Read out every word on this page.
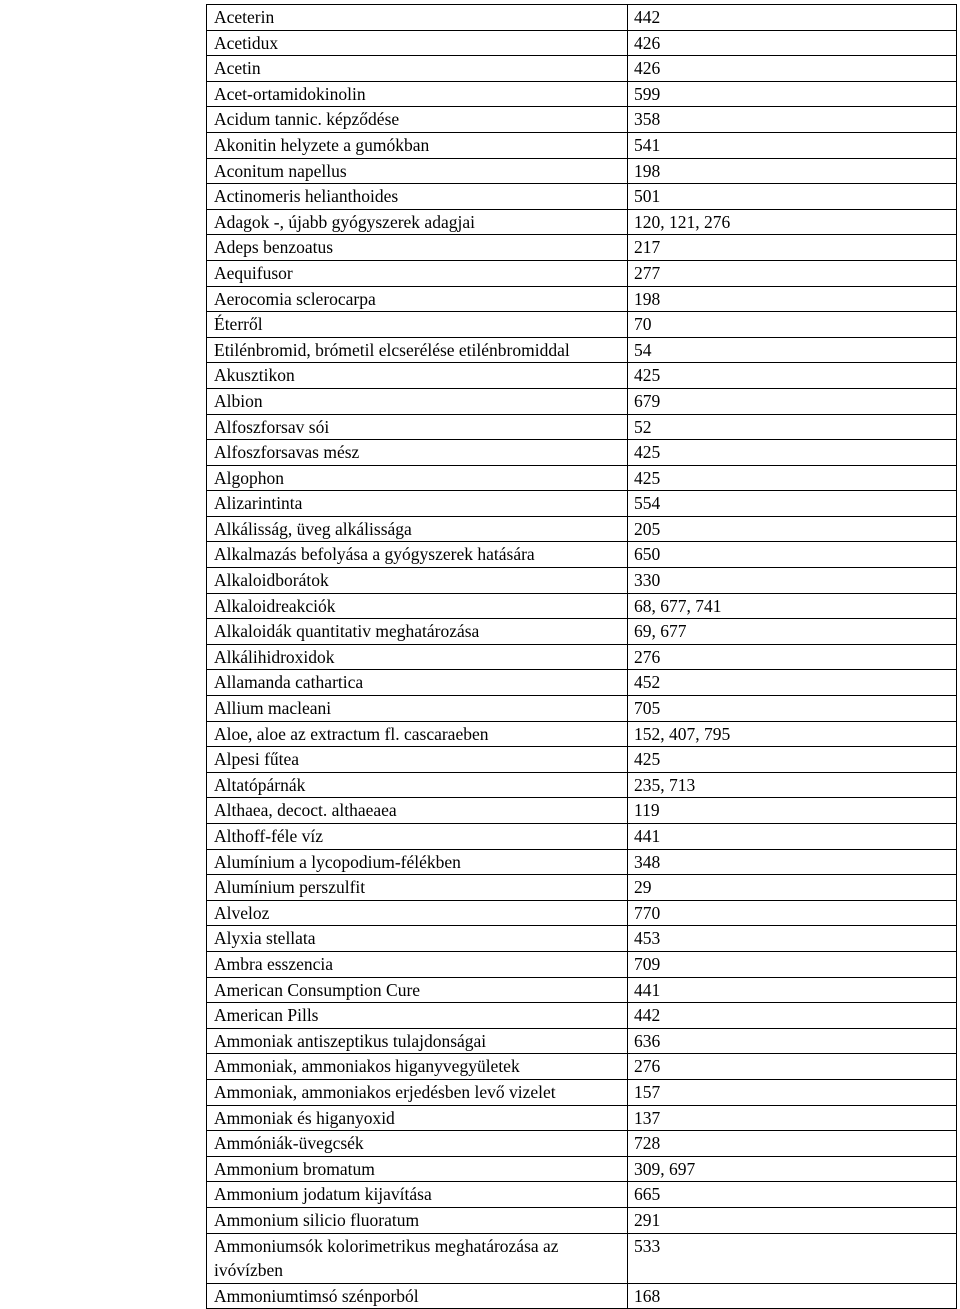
Aceterin	442
Acetidux	426
Acetin	426
Acet-ortamidokinolin	599
Acidum tannic. képződése	358
Akonitin helyzete a gumókban	541
Aconitum napellus	198
Actinomeris helianthoides	501
Adagok -, újabb gyógyszerek adagjai	120, 121, 276
Adeps benzoatus	217
Aequifusor	277
Aerocomia sclerocarpa	198
Éterről	70
Etilénbromid, brómetil elcserélése etilénbromiddal	54
Akusztikon	425
Albion	679
Alfoszforsav sói	52
Alfoszforsavas mész	425
Algophon	425
Alizarintinta	554
Alkálisság, üveg alkálissága	205
Alkalmazás befolyása a gyógyszerek hatására	650
Alkaloidborátok	330
Alkaloidreakciók	68, 677, 741
Alkaloidák quantitativ meghatározása	69, 677
Alkálihidroxidok	276
Allamanda cathartica	452
Allium macleani	705
Aloe, aloe az extractum fl. cascaraeben	152, 407, 795
Alpesi fűtea	425
Altatópárnák	235, 713
Althaea, decoct. althaeaea	119
Althoff-féle víz	441
Alumínium a lycopodium-félékben	348
Alumínium perszulfit	29
Alveloz	770
Alyxia stellata	453
Ambra esszencia	709
American Consumption Cure	441
American Pills	442
Ammoniak antiszeptikus tulajdonságai	636
Ammoniak, ammoniakos higanyvegyületek	276
Ammoniak, ammoniakos erjedésben levő vizelet	157
Ammoniak és higanyoxid	137
Ammóniák-üvegcsék	728
Ammonium bromatum	309, 697
Ammonium jodatum kijavítása	665
Ammonium silicio fluoratum	291
Ammoniumsók kolorimetrikus meghatározása az ivóvízben	533
Ammoniumtimsó szénporból	168
